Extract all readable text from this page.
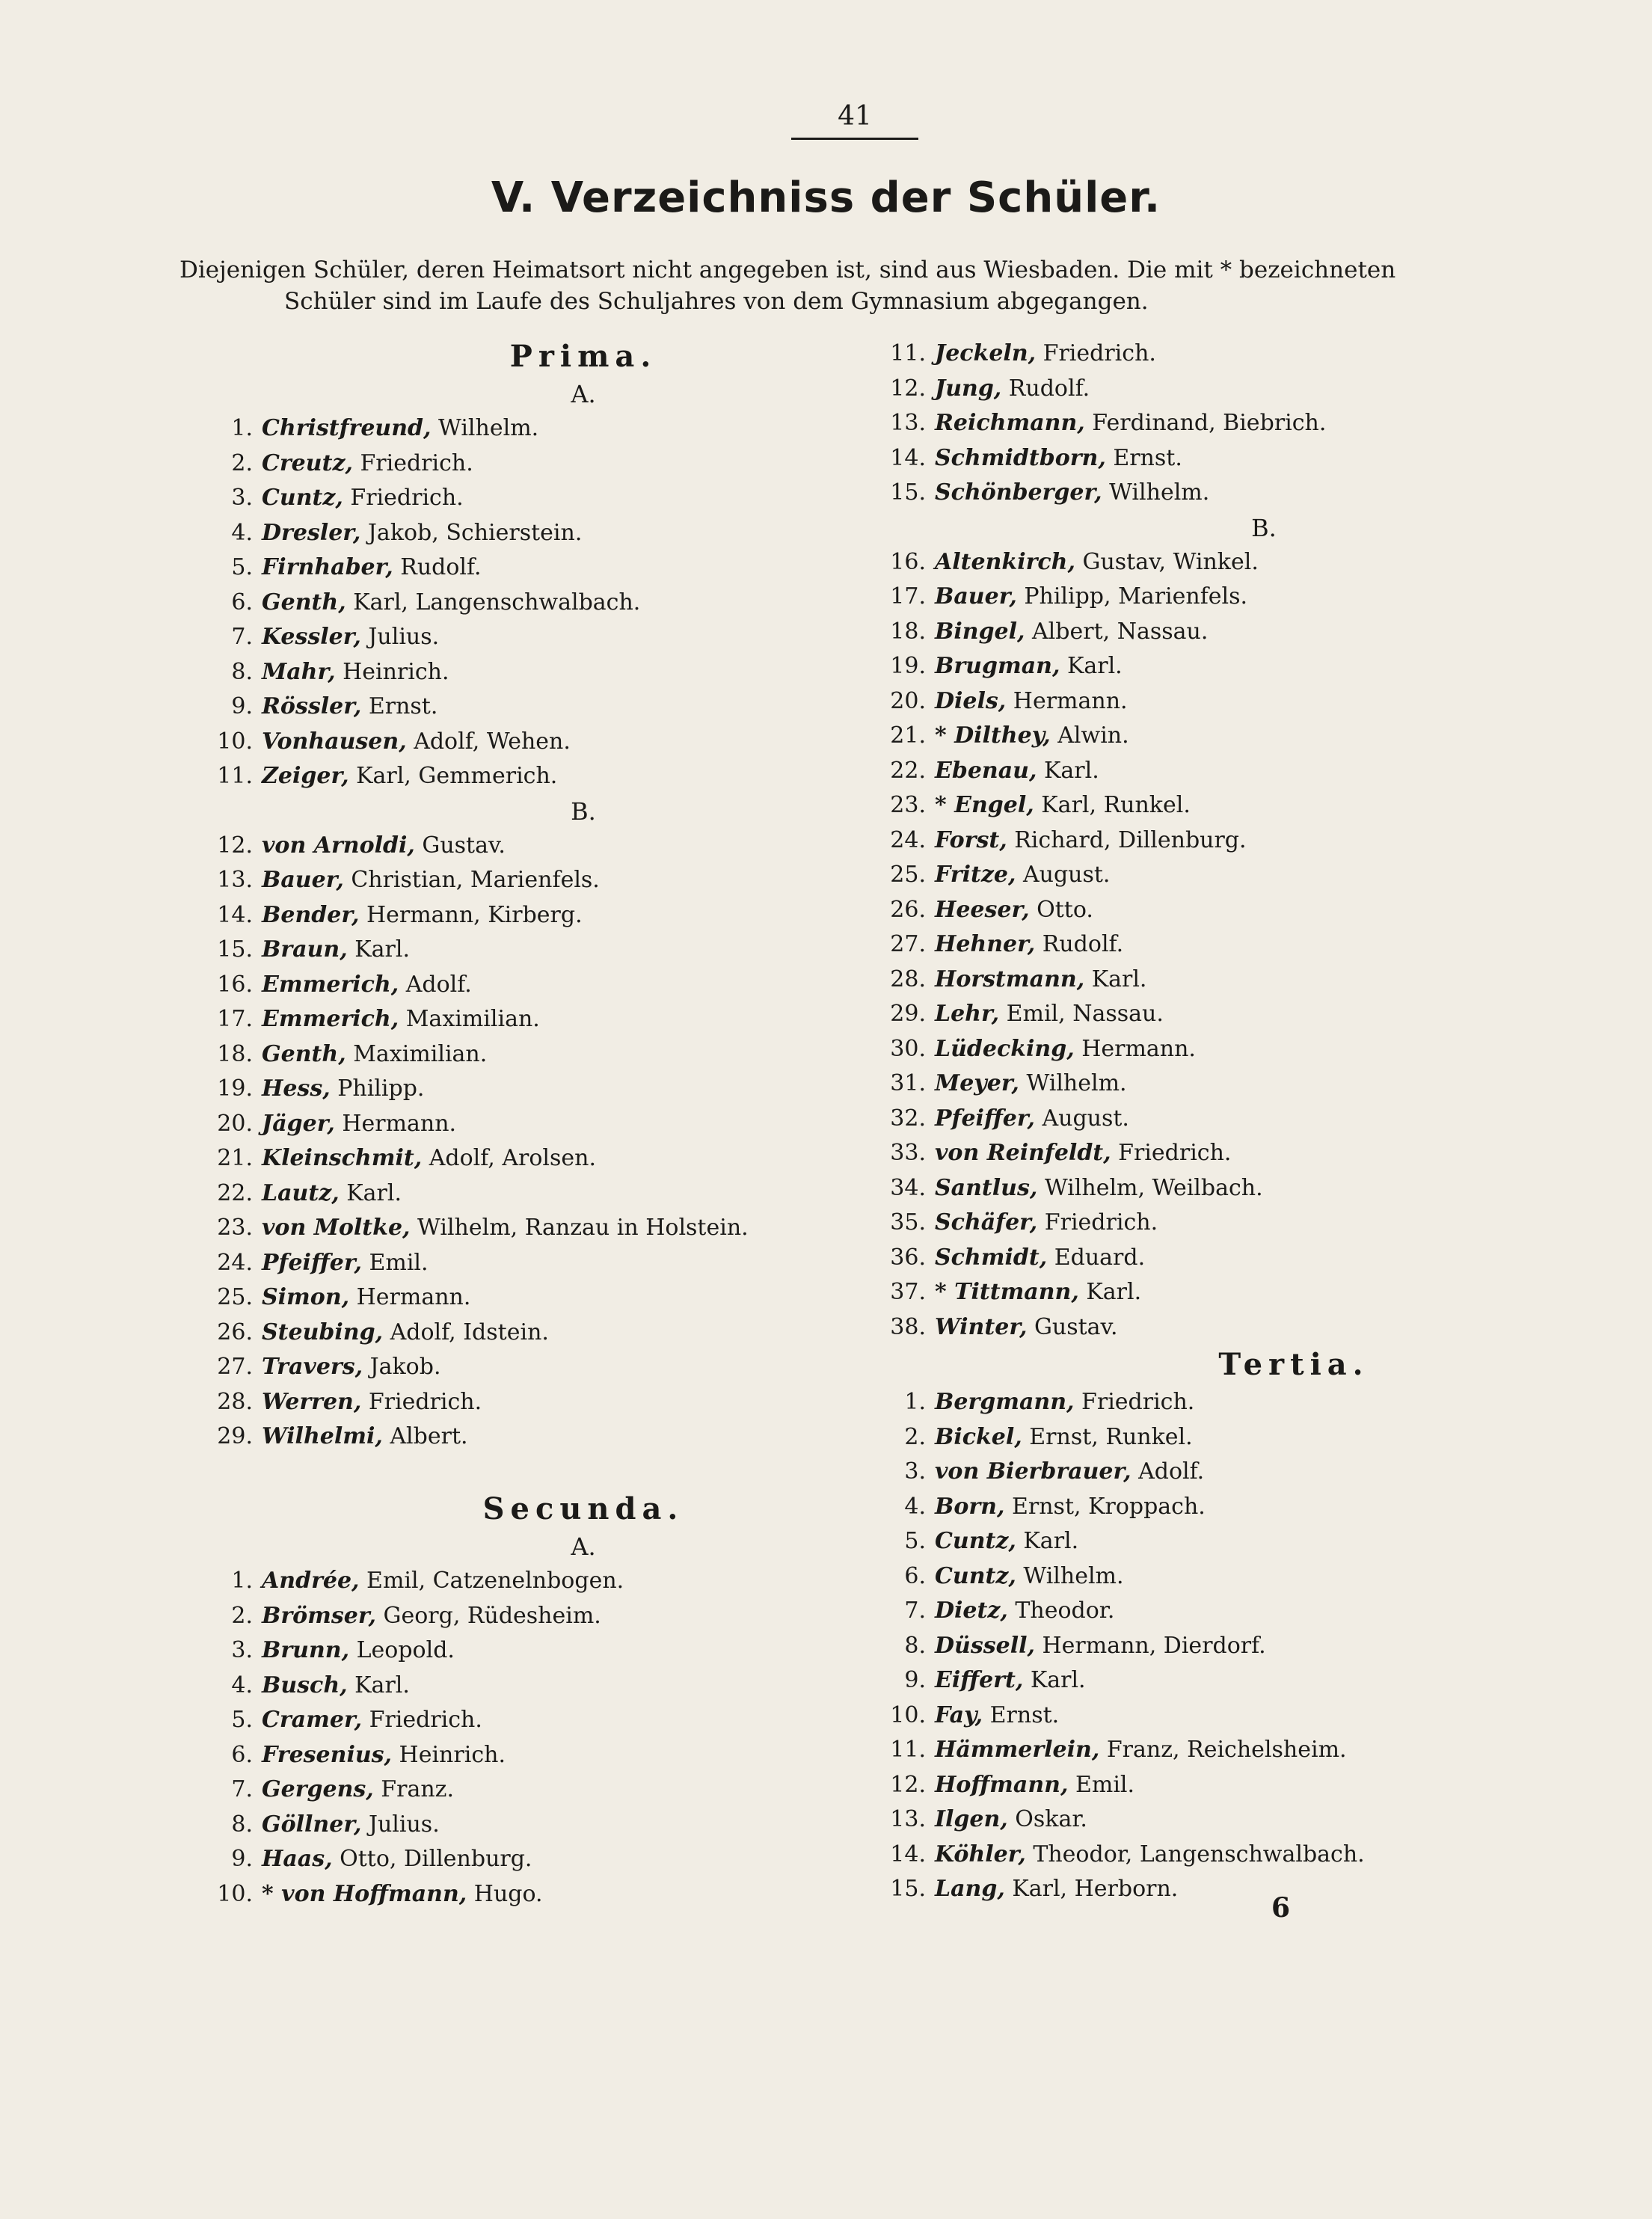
41
V. Verzeichniss der Schüler.
Diejenigen Schüler, deren Heimatsort nicht angegeben ist, sind aus Wiesbaden. Die mit * bezeichneten
Schüler sind im Laufe des Schuljahres von dem Gymnasium abgegangen.
Prima.
A.
1. Christfreund, Wilhelm.
2. Creutz, Friedrich.
3. Cuntz, Friedrich.
4. Dresler, Jakob, Schierstein.
5. Firnhaber, Rudolf.
6. Genth, Karl, Langenschwalbach.
7. Kessler, Julius.
8. Mahr, Heinrich.
9. Rössler, Ernst.
10. Vonhausen, Adolf, Wehen.
11. Zeiger, Karl, Gemmerich.
B.
12. von Arnoldi, Gustav.
13. Bauer, Christian, Marienfels.
14. Bender, Hermann, Kirberg.
15. Braun, Karl.
16. Emmerich, Adolf.
17. Emmerich, Maximilian.
18. Genth, Maximilian.
19. Hess, Philipp.
20. Jäger, Hermann.
21. Kleinschmit, Adolf, Arolsen.
22. Lautz, Karl.
23. von Moltke, Wilhelm, Ranzau in Holstein.
24. Pfeiffer, Emil.
25. Simon, Hermann.
26. Steubing, Adolf, Idstein.
27. Travers, Jakob.
28. Werren, Friedrich.
29. Wilhelmi, Albert.
Secunda.
A.
1. Andrée, Emil, Catzenelnbogen.
2. Brömser, Georg, Rüdesheim.
3. Brunn, Leopold.
4. Busch, Karl.
5. Cramer, Friedrich.
6. Fresenius, Heinrich.
7. Gergens, Franz.
8. Göllner, Julius.
9. Haas, Otto, Dillenburg.
10. * von Hoffmann, Hugo.
11. Jeckeln, Friedrich.
12. Jung, Rudolf.
13. Reichmann, Ferdinand, Biebrich.
14. Schmidtborn, Ernst.
15. Schönberger, Wilhelm.
B.
16. Altenkirch, Gustav, Winkel.
17. Bauer, Philipp, Marienfels.
18. Bingel, Albert, Nassau.
19. Brugman, Karl.
20. Diels, Hermann.
21. * Dilthey, Alwin.
22. Ebenau, Karl.
23. * Engel, Karl, Runkel.
24. Forst, Richard, Dillenburg.
25. Fritze, August.
26. Heeser, Otto.
27. Hehner, Rudolf.
28. Horstmann, Karl.
29. Lehr, Emil, Nassau.
30. Lüdecking, Hermann.
31. Meyer, Wilhelm.
32. Pfeiffer, August.
33. von Reinfeldt, Friedrich.
34. Santlus, Wilhelm, Weilbach.
35. Schäfer, Friedrich.
36. Schmidt, Eduard.
37. * Tittmann, Karl.
38. Winter, Gustav.
Tertia.
1. Bergmann, Friedrich.
2. Bickel, Ernst, Runkel.
3. von Bierbrauer, Adolf.
4. Born, Ernst, Kroppach.
5. Cuntz, Karl.
6. Cuntz, Wilhelm.
7. Dietz, Theodor.
8. Düssell, Hermann, Dierdorf.
9. Eiffert, Karl.
10. Fay, Ernst.
11. Hämmerlein, Franz, Reichelsheim.
12. Hoffmann, Emil.
13. Ilgen, Oskar.
14. Köhler, Theodor, Langenschwalbach.
15. Lang, Karl, Herborn.
6
